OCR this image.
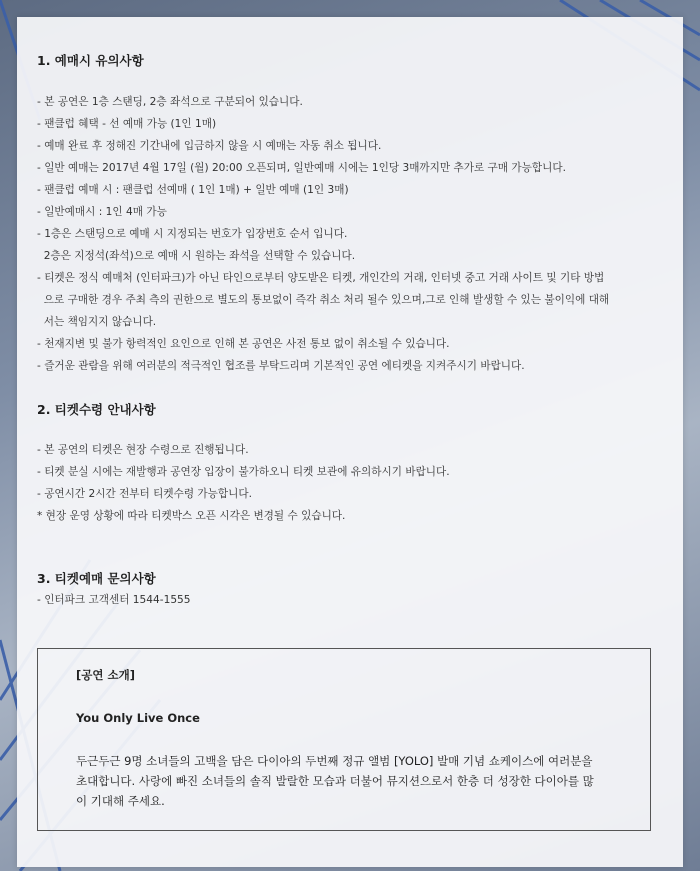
1. 예매시 유의사항
- 본 공연은 1층 스탠딩, 2층 좌석으로 구분되어 있습니다.
- 팬클럽 혜택 - 선 예매 가능 (1인 1매)
- 예매 완료 후 정해진 기간내에 입금하지 않을 시 예매는 자동 취소 됩니다.
- 일반 예매는 2017년 4월 17일 (월) 20:00 오픈되며, 일반예매 시에는 1인당 3매까지만 추가로 구매 가능합니다.
- 팬클럽 예매 시 : 팬클럽 선예매 ( 1인 1매) + 일반 예매 (1인 3매)
- 일반예매시 : 1인 4매 가능
- 1층은 스탠딩으로 예매 시 지정되는 번호가 입장번호 순서 입니다.
2층은 지정석(좌석)으로 예매 시 원하는 좌석을 선택할 수 있습니다.
- 티켓은 정식 예매처 (인터파크)가 아닌 타인으로부터 양도받은 티켓, 개인간의 거래, 인터넷 중고 거래 사이트 및 기타 방법
으로 구매한 경우 주최 측의 권한으로 별도의 통보없이 즉각 취소 처리 될수 있으며,그로 인해 발생할 수 있는 불이익에 대해
서는 책임지지 않습니다.
- 천재지변 및 불가 항력적인 요인으로 인해 본 공연은 사전 통보 없이 취소될 수 있습니다.
- 즐거운 관람을 위해 여러분의 적극적인 협조를 부탁드리며 기본적인 공연 에티켓을 지켜주시기 바랍니다.
2. 티켓수령 안내사항
- 본 공연의 티켓은 현장 수령으로 진행됩니다.
- 티켓 분실 시에는 재발행과 공연장 입장이 불가하오니 티켓 보관에 유의하시기 바랍니다.
- 공연시간 2시간 전부터 티켓수령 가능합니다.
* 현장 운영 상황에 따라 티켓박스 오픈 시각은 변경될 수 있습니다.
3. 티켓예매 문의사항
- 인터파크 고객센터 1544-1555
[공연 소개]
You Only Live Once
두근두근 9명 소녀들의 고백을 담은 다이아의 두번째 정규 앨범 [YOLO] 발매 기념 쇼케이스에 여러분을
초대합니다. 사랑에 빠진 소녀들의 솔직 발랄한 모습과 더불어 뮤지션으로서 한층 더 성장한 다이아를 많
이 기대해 주세요.
